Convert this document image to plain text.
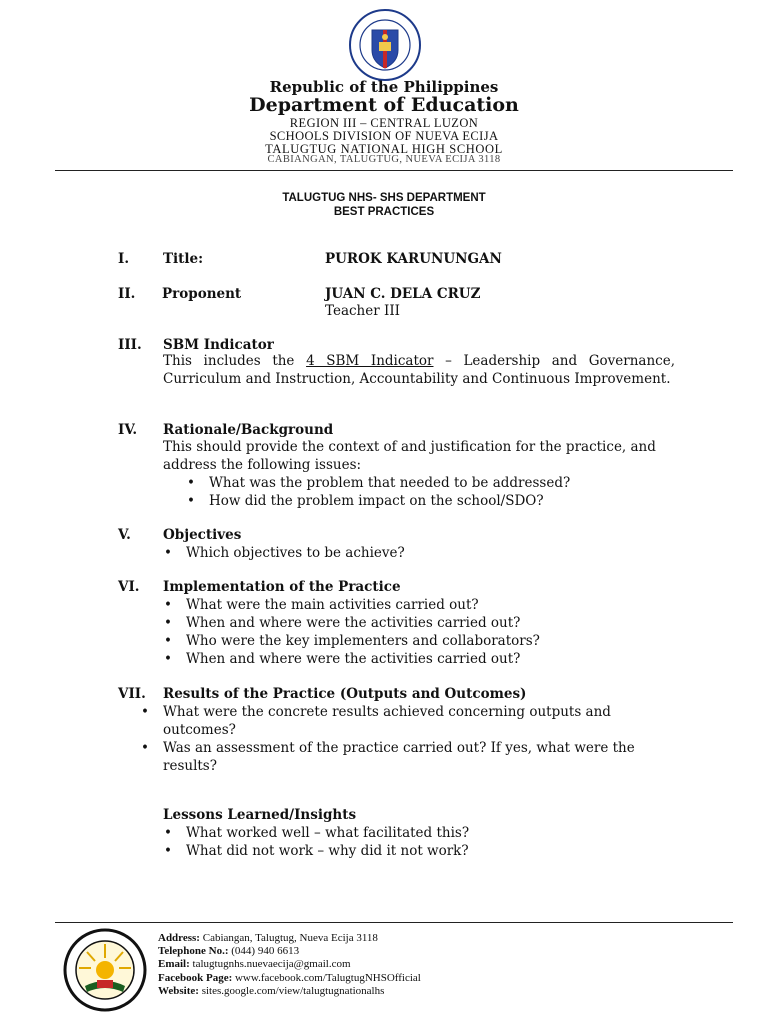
Republic of the Philippines
Department of Education
REGION III – CENTRAL LUZON
SCHOOLS DIVISION OF NUEVA ECIJA
TALUGTUG NATIONAL HIGH SCHOOL
CABIANGAN, TALUGTUG, NUEVA ECIJA 3118
TALUGTUG NHS- SHS DEPARTMENT
BEST PRACTICES
I.	Title:	PUROK KARUNUNGAN
II. Proponent	JUAN C. DELA CRUZ
Teacher III
III. SBM Indicator
This includes the 4 SBM Indicator – Leadership and Governance, Curriculum and Instruction, Accountability and Continuous Improvement.
IV. Rationale/Background
This should provide the context of and justification for the practice, and address the following issues:
• What was the problem that needed to be addressed?
• How did the problem impact on the school/SDO?
V. Objectives
• Which objectives to be achieve?
VI. Implementation of the Practice
• What were the main activities carried out?
• When and where were the activities carried out?
• Who were the key implementers and collaborators?
• When and where were the activities carried out?
VII. Results of the Practice (Outputs and Outcomes)
• What were the concrete results achieved concerning outputs and outcomes?
• Was an assessment of the practice carried out? If yes, what were the results?
Lessons Learned/Insights
• What worked well – what facilitated this?
• What did not work – why did it not work?
Address: Cabiangan, Talugtug, Nueva Ecija 3118
Telephone No.: (044) 940 6613
Email: talugtugnhs.nuevaecija@gmail.com
Facebook Page: www.facebook.com/TalugtugNHSOfficial
Website: sites.google.com/view/talugtugnationalhs
